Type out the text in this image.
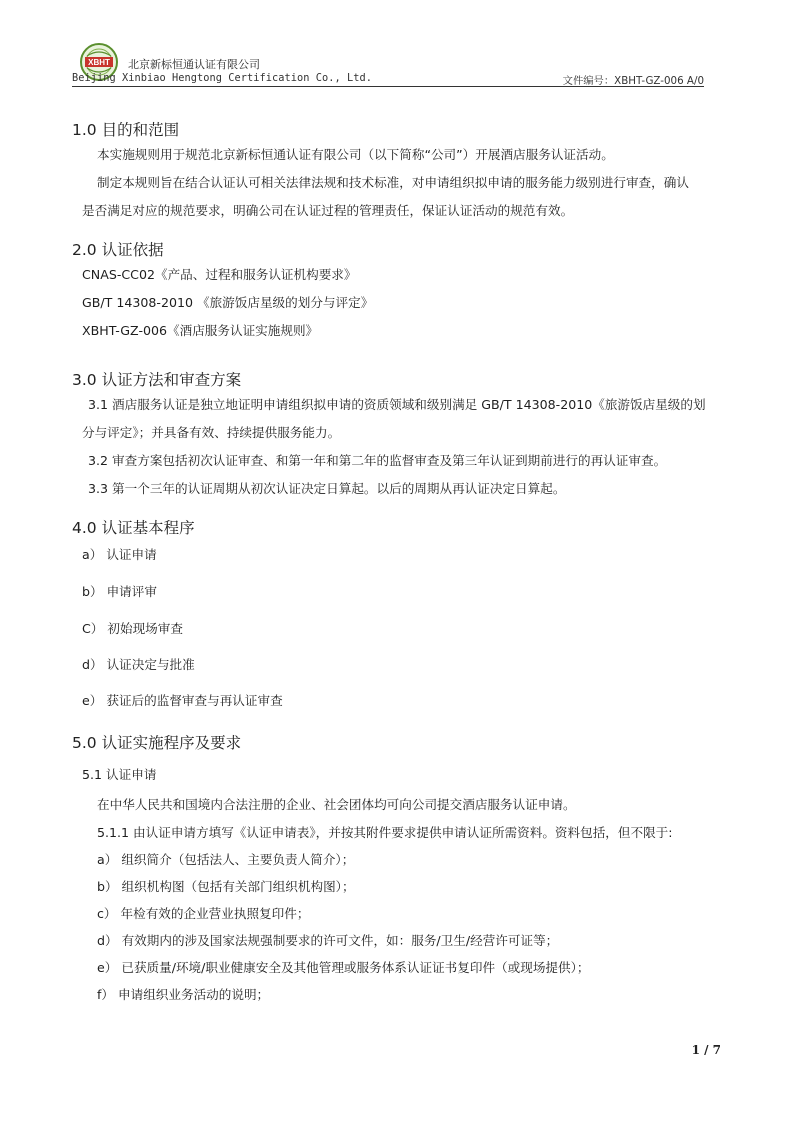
XBHT 北京新标恒通认证有限公司
Beijing Xinbiao Hengtong Certification Co., Ltd.	文件编号：XBHT-GZ-006 A/0
1.0 目的和范围
本实施规则用于规范北京新标恒通认证有限公司（以下简称“公司”）开展酒店服务认证活动。
制定本规则旨在结合认证认可相关法律法规和技术标准，对申请组织拟申请的服务能力级别进行审查，确认
是否满足对应的规范要求，明确公司在认证过程的管理责任，保证认证活动的规范有效。
2.0 认证依据
CNAS-CC02《产品、过程和服务认证机构要求》
GB/T 14308-2010 《旅游饭店星级的划分与评定》
XBHT-GZ-006《酒店服务认证实施规则》
3.0 认证方法和审查方案
3.1 酒店服务认证是独立地证明申请组织拟申请的资质领域和级别满足 GB/T 14308-2010《旅游饭店星级的划
分与评定》；并具备有效、持续提供服务能力。
3.2 审查方案包括初次认证审查、和第一年和第二年的监督审查及第三年认证到期前进行的再认证审查。
3.3 第一个三年的认证周期从初次认证决定日算起。以后的周期从再认证决定日算起。
4.0 认证基本程序
a） 认证申请
b） 申请评审
C） 初始现场审查
d） 认证决定与批准
e） 获证后的监督审查与再认证审查
5.0 认证实施程序及要求
5.1 认证申请
在中华人民共和国境内合法注册的企业、社会团体均可向公司提交酒店服务认证申请。
5.1.1 由认证申请方填写《认证申请表》，并按其附件要求提供申请认证所需资料。资料包括，但不限于:
a） 组织简介（包括法人、主要负责人简介）；
b） 组织机构图（包括有关部门组织机构图）；
c） 年检有效的企业营业执照复印件；
d） 有效期内的涉及国家法规强制要求的许可文件，如：服务/卫生/经营许可证等；
e） 已获质量/环境/职业健康安全及其他管理或服务体系认证证书复印件（或现场提供）；
f） 申请组织业务活动的说明；
1 / 7
